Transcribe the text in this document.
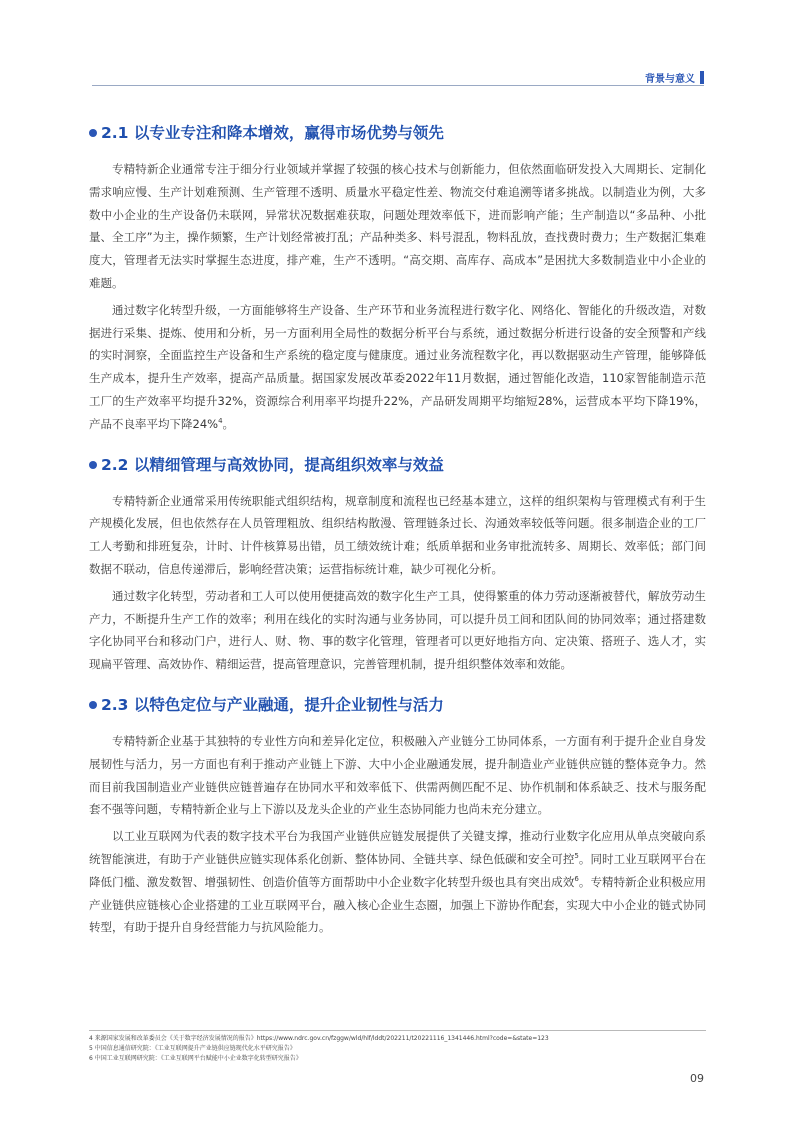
背景与意义
2.1 以专业专注和降本增效，赢得市场优势与领先

专精特新企业通常专注于细分行业领域并掌握了较强的核心技术与创新能力，但依然面临研发投入大周期长、定制化需求响应慢、生产计划难预测、生产管理不透明、质量水平稳定性差、物流交付难追溯等诸多挑战。以制造业为例，大多数中小企业的生产设备仍未联网，异常状况数据难获取，问题处理效率低下，进而影响产能；生产制造以“多品种、小批量、全工序”为主，操作频繁，生产计划经常被打乱；产品种类多、料号混乱，物料乱放，查找费时费力；生产数据汇集难度大，管理者无法实时掌握生态进度，排产难，生产不透明。“高交期、高库存、高成本”是困扰大多数制造业中小企业的难题。

通过数字化转型升级，一方面能够将生产设备、生产环节和业务流程进行数字化、网络化、智能化的升级改造，对数据进行采集、提炼、使用和分析，另一方面利用全局性的数据分析平台与系统，通过数据分析进行设备的安全预警和产线的实时洞察，全面监控生产设备和生产系统的稳定度与健康度。通过业务流程数字化，再以数据驱动生产管理，能够降低生产成本，提升生产效率，提高产品质量。据国家发展改革委2022年11月数据，通过智能化改造，110家智能制造示范工厂的生产效率平均提升32%，资源综合利用率平均提升22%，产品研发周期平均缩短28%，运营成本平均下降19%，产品不良率平均下降24%$^4$。

2.2 以精细管理与高效协同，提高组织效率与效益

专精特新企业通常采用传统职能式组织结构，规章制度和流程也已经基本建立，这样的组织架构与管理模式有利于生产规模化发展，但也依然存在人员管理粗放、组织结构散漫、管理链条过长、沟通效率较低等问题。很多制造企业的工厂工人考勤和排班复杂，计时、计件核算易出错，员工绩效统计难；纸质单据和业务审批流转多、周期长、效率低；部门间数据不联动，信息传递滞后，影响经营决策；运营指标统计难，缺少可视化分析。

通过数字化转型，劳动者和工人可以使用便捷高效的数字化生产工具，使得繁重的体力劳动逐渐被替代，解放劳动生产力，不断提升生产工作的效率；利用在线化的实时沟通与业务协同，可以提升员工间和团队间的协同效率；通过搭建数字化协同平台和移动门户，进行人、财、物、事的数字化管理，管理者可以更好地指方向、定决策、搭班子、选人才，实现扁平管理、高效协作、精细运营，提高管理意识，完善管理机制，提升组织整体效率和效能。

2.3 以特色定位与产业融通，提升企业韧性与活力

专精特新企业基于其独特的专业性方向和差异化定位，积极融入产业链分工协同体系，一方面有利于提升企业自身发展韧性与活力，另一方面也有利于推动产业链上下游、大中小企业融通发展，提升制造业产业链供应链的整体竞争力。然而目前我国制造业产业链供应链普遍存在协同水平和效率低下、供需两侧匹配不足、协作机制和体系缺乏、技术与服务配套不强等问题，专精特新企业与上下游以及龙头企业的产业生态协同能力也尚未充分建立。

以工业互联网为代表的数字技术平台为我国产业链供应链发展提供了关键支撑，推动行业数字化应用从单点突破向系统智能演进，有助于产业链供应链实现体系化创新、整体协同、全链共享、绿色低碳和安全可控$^5$。同时工业互联网平台在降低门槛、激发数智、增强韧性、创造价值等方面帮助中小企业数字化转型升级也具有突出成效$^6$。专精特新企业积极应用产业链供应链核心企业搭建的工业互联网平台，融入核心企业生态圈，加强上下游协作配套，实现大中小企业的链式协同转型，有助于提升自身经营能力与抗风险能力。

4 来源国家发展和改革委员会《关于数字经济发展情况的报告》https://www.ndrc.gov.cn/fzggw/wld/hlf/lddt/202211/t20221116_1341446.html?code=&state=123
5 中国信息通信研究院：《工业互联网提升产业链供应链现代化水平研究报告》
6 中国工业互联网研究院：《工业互联网平台赋能中小企业数字化转型研究报告》
09
